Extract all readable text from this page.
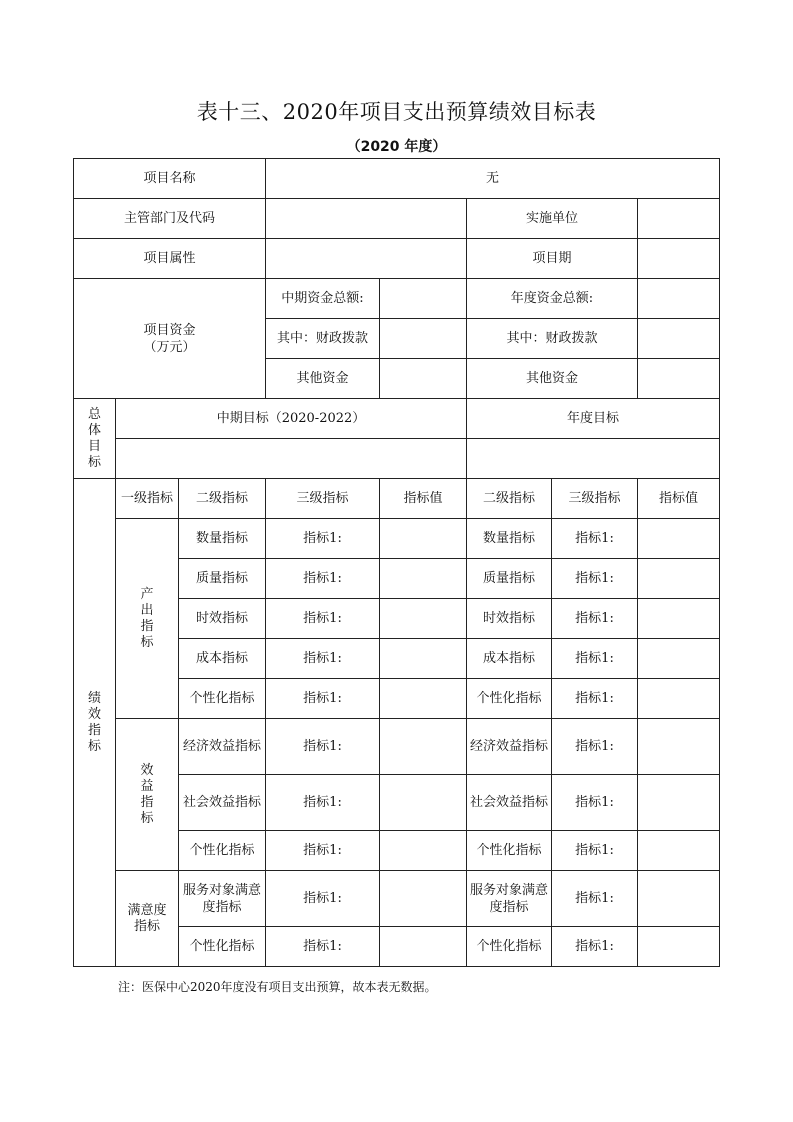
表十三、2020年项目支出预算绩效目标表
（2020 年度）
项目名称			无				
主管部门及代码					实施单位		
项目属性					项目期		

项目资金
（万元）			中期资金总额:		年度资金总额:		
			其中：财政拨款		其中：财政拨款		
			其他资金		其他资金		
总体目标	中期目标（2020-2022）				年度目标		

绩效指标	一级指标	二级指标	三级指标	指标值	二级指标	三级指标	指标值
	产出指标	数量指标	指标1:		数量指标	指标1:	
		质量指标	指标1:		质量指标	指标1:	
		时效指标	指标1:		时效指标	指标1:	
		成本指标	指标1:		成本指标	指标1:	
		个性化指标	指标1:		个性化指标	指标1:	
	效益指标	经济效益指标	指标1:		经济效益指标	指标1:	
		社会效益指标	指标1:		社会效益指标	指标1:	
		个性化指标	指标1:		个性化指标	指标1:	
	满意度指标	服务对象满意度指标	指标1:		服务对象满意度指标	指标1:	
		个性化指标	指标1:		个性化指标	指标1:	
注：医保中心2020年度没有项目支出预算，故本表无数据。
